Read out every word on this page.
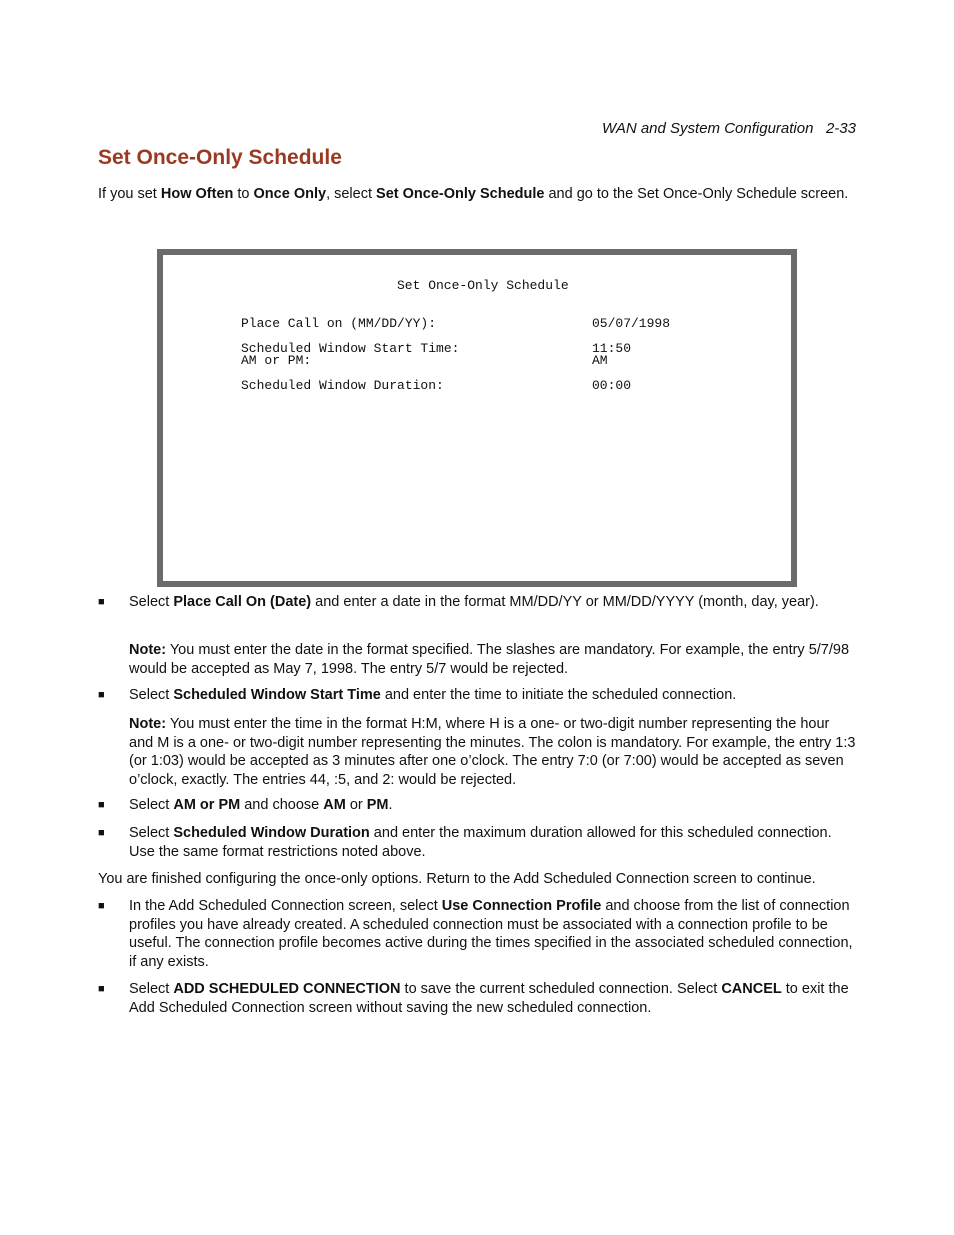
WAN and System Configuration 2-33
Set Once-Only Schedule

If you set How Often to Once Only, select Set Once-Only Schedule and go to the Set Once-Only Schedule screen.

Set Once-Only Schedule
Place Call on (MM/DD/YY):	05/07/1998
Scheduled Window Start Time:	11:50
AM or PM:	AM
Scheduled Window Duration:	00:00
■ Select Place Call On (Date) and enter a date in the format MM/DD/YY or MM/DD/YYYY (month, day, year).
Note: You must enter the date in the format specified. The slashes are mandatory. For example, the entry 5/7/98 would be accepted as May 7, 1998. The entry 5/7 would be rejected.
■ Select Scheduled Window Start Time and enter the time to initiate the scheduled connection.
Note: You must enter the time in the format H:M, where H is a one- or two-digit number representing the hour and M is a one- or two-digit number representing the minutes. The colon is mandatory. For example, the entry 1:3 (or 1:03) would be accepted as 3 minutes after one o’clock. The entry 7:0 (or 7:00) would be accepted as seven o’clock, exactly. The entries 44, :5, and 2: would be rejected.
■ Select AM or PM and choose AM or PM.
■ Select Scheduled Window Duration and enter the maximum duration allowed for this scheduled connection. Use the same format restrictions noted above.
You are finished configuring the once-only options. Return to the Add Scheduled Connection screen to continue.
■ In the Add Scheduled Connection screen, select Use Connection Profile and choose from the list of connection profiles you have already created. A scheduled connection must be associated with a connection profile to be useful. The connection profile becomes active during the times specified in the associated scheduled connection, if any exists.
■ Select ADD SCHEDULED CONNECTION to save the current scheduled connection. Select CANCEL to exit the Add Scheduled Connection screen without saving the new scheduled connection.
